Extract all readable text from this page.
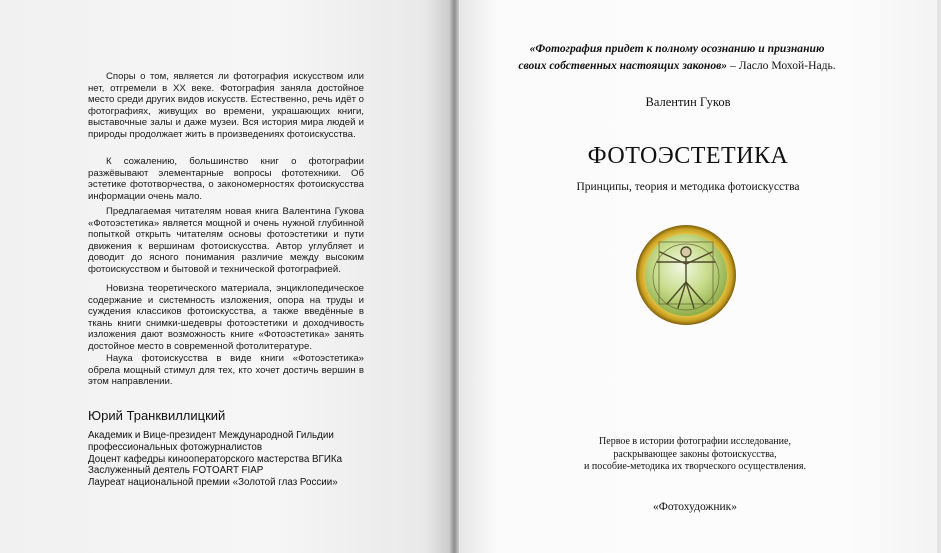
Споры о том, является ли фотография искусством или нет, отгремели в XX веке. Фотография заняла достойное место среди других видов искусств. Естественно, речь идёт о фотографиях, живущих во времени, украшающих книги, выставочные залы и даже музеи. Вся история мира людей и природы продолжает жить в произведениях фотоискусства.

К сожалению, большинство книг о фотографии разжёвывают элементарные вопросы фототехники. Об эстетике фототворчества, о закономерностях фотоискусства информации очень мало.

Предлагаемая читателям новая книга Валентина Гукова «Фотоэстетика» является мощной и очень нужной глубинной попыткой открыть читателям основы фотоэстетики и пути движения к вершинам фотоискусства. Автор углубляет и доводит до ясного понимания различие между высоким фотоискусством и бытовой и технической фотографией.

Новизна теоретического материала, энциклопедическое содержание и системность изложения, опора на труды и суждения классиков фотоискусства, а также введённые в ткань книги снимки-шедевры фотоэстетики и доходчивость изложения дают возможность книге «Фотоэстетика» занять достойное место в современной фотолитературе.

Наука фотоискусства в виде книги «Фотоэстетика» обрела мощный стимул для тех, кто хочет достичь вершин в этом направлении.

Юрий Транквиллицкий
Академик и Вице-президент Международной Гильдии
профессиональных фотожурналистов
Доцент кафедры кинооператорского мастерства ВГИКа
Заслуженный деятель FOTOART FIAP
Лауреат национальной премии «Золотой глаз России»
«Фотография придет к полному осознанию и признанию
своих собственных настоящих законов» – Ласло Мохой-Надь.
Валентин Гуков
ФОТОЭСТЕТИКА
Принципы, теория и методика фотоискусства
Первое в истории фотографии исследование,
раскрывающее законы фотоискусства,
и пособие-методика их творческого осуществления.
«Фотохудожник»
